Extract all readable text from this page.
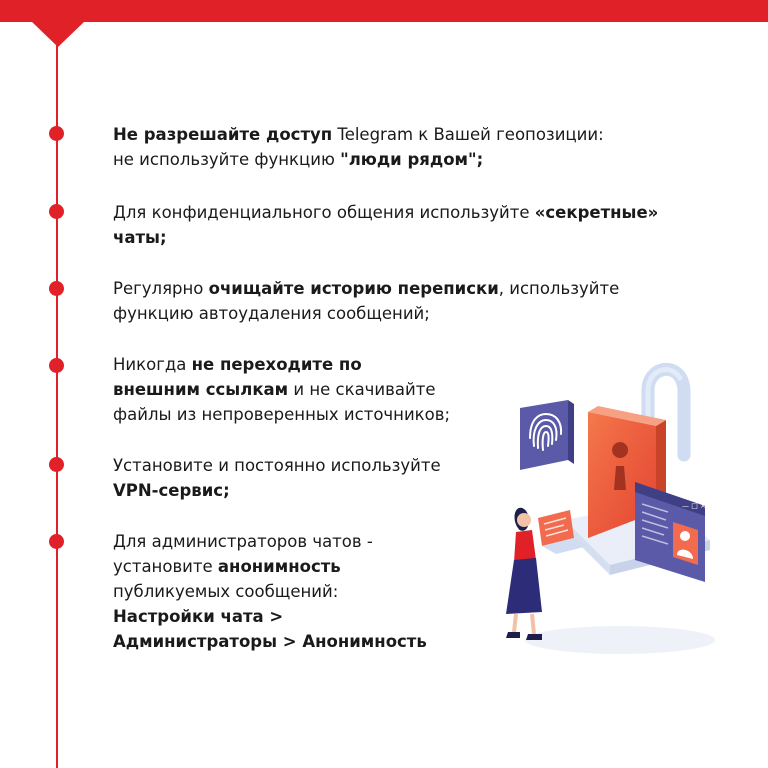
Не разрешайте доступ Telegram к Вашей геопозиции:
не используйте функцию "люди рядом";
Для конфиденциального общения используйте «секретные»
чаты;
Регулярно очищайте историю переписки, используйте
функцию автоудаления сообщений;
Никогда не переходите по
внешним ссылкам и не скачивайте
файлы из непроверенных источников;
Установите и постоянно используйте
VPN-сервис;
Для администраторов чатов -
установите анонимность
публикуемых сообщений:
Настройки чата >
Администраторы > Анонимность
— □ ×
